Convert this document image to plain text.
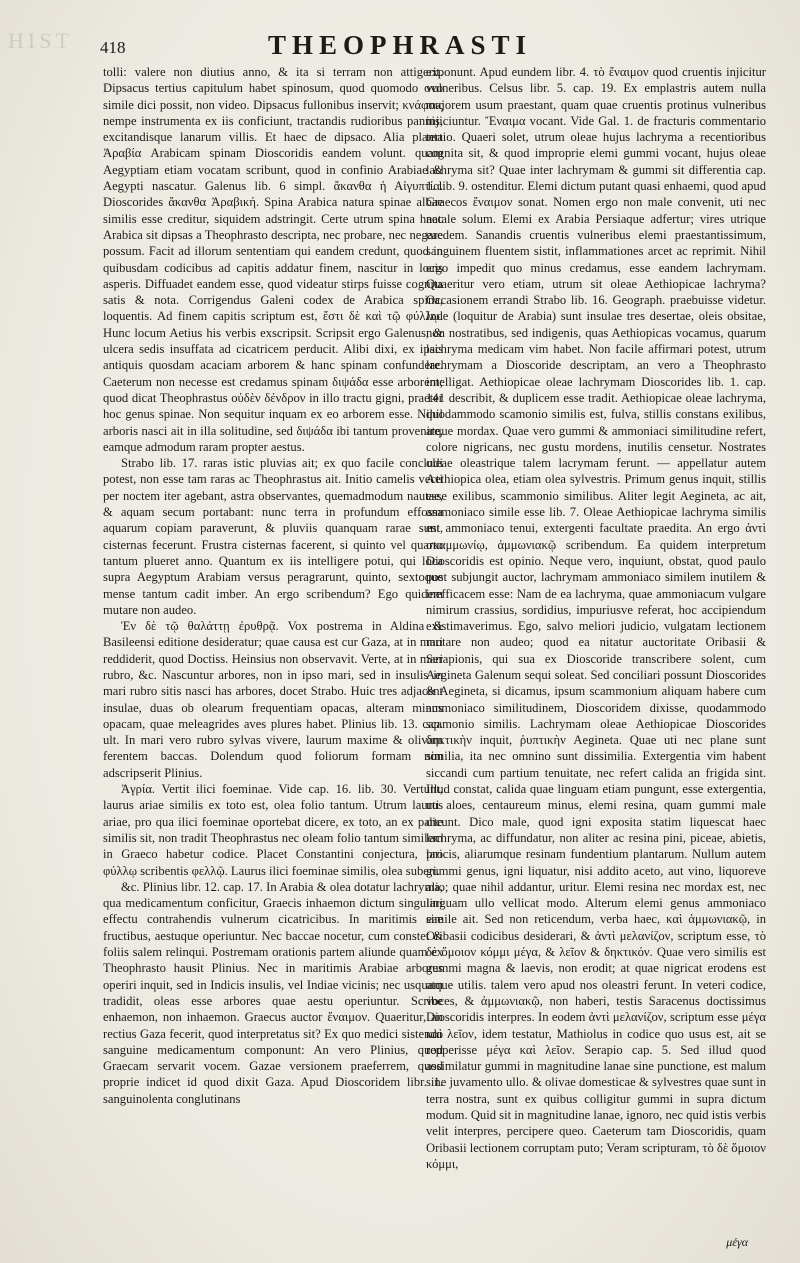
HIST	418	THEOPHRASTI

tolli: valere non diutius anno, & ita si terram non attigerit. Dipsacus tertius capitulum habet spinosum, quod quomodo ovo simile dici possit, non video. Dipsacus fullonibus inservit; κνάφοις nempe instrumenta ex iis conficiunt, tractandis rudioribus pannis, excitandisque lanarum villis. Et haec de dipsaco. Alia planta Ἀραβία Arabicam spinam Dioscoridis eandem volunt. quam Aegyptiam etiam vocatam scribunt, quod in confinio Arabiae & Aegypti nascatur. Galenus lib. 6 simpl. ἄκανθα ἡ Αἰγυπτία. Dioscorides ἄκανθα Ἀραβική. Spina Arabica natura spinae albae similis esse creditur, siquidem adstringit. Certe utrum spina haec Arabica sit dipsas a Theophrasto descripta, nec probare, nec negare possum. Facit ad illorum sententiam qui eandem credunt, quod in quibusdam codicibus ad capitis addatur finem, nascitur in locis asperis. Diffuadet eandem esse, quod videatur stirps fuisse cognita satis & nota. Corrigendus Galeni codex de Arabica spina, loquentis. Ad finem capitis scriptum est, ἔστι δὲ καὶ τῷ φύλλῳ. Hunc locum Aetius his verbis exscripsit. Scripsit ergo Galenus, & ulcera sedis insuffata ad cicatricem perducit. Alibi dixi, ex ipsis antiquis quosdam acaciam arborem & hanc spinam confundere. Caeterum non necesse est credamus spinam διψάδα esse arborem; quod dicat Theophrastus οὐδὲν δένδρον in illo tractu gigni, praeter hoc genus spinae. Non sequitur inquam ex eo arborem esse. Nihil arboris nasci ait in illa solitudine, sed διψάδα ibi tantum provenire, eamque admodum raram propter aestus.

Strabo lib. 17. raras istic pluvias ait; ex quo facile concludi potest, non esse tam raras ac Theophrastus ait. Initio camelis vecti per noctem iter agebant, astra observantes, quemadmodum nautae, & aquam secum portabant: nunc terra in profundum effossa aquarum copiam paraverunt, & pluviis quanquam rarae sunt, cisternas fecerunt. Frustra cisternas facerent, si quinto vel quarto tantum plueret anno. Quantum ex iis intelligere potui, qui loca supra Aegyptum Arabiam versus peragrarunt, quinto, sextoque mense tantum cadit imber. An ergo scribendum? Ego quidem mutare non audeo.

Ἐν δὲ τῷ θαλάττῃ ἐρυθρᾷ. Vox postrema in Aldina & Basileensi editione desideratur; quae causa est cur Gaza, at in mari reddiderit, quod Doctiss. Heinsius non observavit. Verte, at in mari rubro, &c. Nascuntur arbores, non in ipso mari, sed in insulis in mari rubro sitis nasci has arbores, docet Strabo. Huic tres adjacent insulae, duas ob olearum frequentiam opacas, alteram minus opacam, quae meleagrides aves plures habet. Plinius lib. 13. cap. ult. In mari vero rubro sylvas vivere, laurum maxime & olivam ferentem baccas. Dolendum quod foliorum formam non adscripserit Plinius.

Ἀγρία. Vertit ilici foeminae. Vide cap. 16. lib. 30. Vertunt, laurus ariae similis ex toto est, olea folio tantum. Utrum laurus ariae, pro qua ilici foeminae oportebat dicere, ex toto, an ex parte similis sit, non tradit Theophrastus nec oleam folio tantum similem in Graeco habetur codice. Placet Constantini conjectura, pro φύλλῳ scribentis φελλῷ. Laurus ilici foeminae similis, olea suberi.

&c. Plinius libr. 12. cap. 17. In Arabia & olea dotatur lachryma, qua medicamentum conficitur, Graecis inhaemon dictum singulari effectu contrahendis vulnerum cicatricibus. In maritimis eae fructibus, aestuque operiuntur. Nec baccae nocetur, cum constet & foliis salem relinqui. Postremam orationis partem aliunde quam ex Theophrasto hausit Plinius. Nec in maritimis Arabiae arbores operiri inquit, sed in Indicis insulis, vel Indiae vicinis; nec usquam tradidit, oleas esse arbores quae aestu operiuntur. Scribe enhaemon, non inhaemon. Graecus auctor ἔναιμον. Quaeritur, an rectius Gaza fecerit, quod interpretatus sit? Ex quo medici sistendo sanguine medicamentum componunt: An vero Plinius, quod Graecam servarit vocem. Gazae versionem praeferrem, quod proprie indicet id quod dixit Gaza. Apud Dioscoridem libr. 1. sanguinolenta conglutinans

exponunt. Apud eundem libr. 4. τὸ ἔναιμον quod cruentis injicitur vulneribus. Celsus libr. 5. cap. 19. Ex emplastris autem nulla majorem usum praestant, quam quae cruentis protinus vulneribus injiciuntur. Ἔναιμα vocant. Vide Gal. 1. de fracturis commentario tertio. Quaeri solet, utrum oleae hujus lachryma a recentioribus cognita sit, & quod improprie elemi gummi vocant, hujus oleae lachryma sit? Quae inter lachrymam & gummi sit differentia cap. 1. lib. 9. ostenditur. Elemi dictum putant quasi enhaemi, quod apud Graecos ἔναιμον sonat. Nomen ergo non male convenit, uti nec natale solum. Elemi ex Arabia Persiaque adfertur; vires utrique eaedem. Sanandis cruentis vulneribus elemi praestantissimum, sanguinem fluentem sistit, inflammationes arcet ac reprimit. Nihil ergo impedit quo minus credamus, esse eandem lachrymam. Quaeritur vero etiam, utrum sit oleae Aethiopicae lachryma? Occasionem errandi Strabo lib. 16. Geograph. praebuisse videtur. Inde (loquitur de Arabia) sunt insulae tres desertae, oleis obsitae, non nostratibus, sed indigenis, quas Aethiopicas vocamus, quarum lachryma medicam vim habet. Non facile affirmari potest, utrum lachrymam a Dioscoride descriptam, an vero a Theophrasto intelligat. Aethiopicae oleae lachrymam Dioscorides lib. 1. cap. 141 describit, & duplicem esse tradit. Aethiopicae oleae lachryma, quodammodo scamonio similis est, fulva, stillis constans exilibus, atque mordax. Quae vero gummi & ammoniaci similitudine refert, colore nigricans, nec gustu mordens, inutilis censetur. Nostrates oleae oleastrique talem lacrymam ferunt. — appellatur autem Aethiopica olea, etiam olea sylvestris. Primum genus inquit, stillis esse exilibus, scammonio similibus. Aliter legit Aegineta, ac ait, ammoniaco simile esse lib. 7. Oleae Aethiopicae lachryma similis est ammoniaco tenui, extergenti facultate praedita. An ergo ἀντὶ σκαμμωνίῳ, ἀμμωνιακῷ scribendum. Ea quidem interpretum Dioscoridis est opinio. Neque vero, inquiunt, obstat, quod paulo post subjungit auctor, lachrymam ammoniaco similem inutilem & inefficacem esse: Nam de ea lachryma, quae ammoniacum vulgare nimirum crassius, sordidius, impuriusve referat, hoc accipiendum existimaverimus. Ego, salvo meliori judicio, vulgatam lectionem mutare non audeo; quod ea nitatur auctoritate Oribasii & Serapionis, qui sua ex Dioscoride transcribere solent, cum Aegineta Galenum sequi soleat. Sed conciliari possunt Dioscorides & Aegineta, si dicamus, ipsum scammonium aliquam habere cum ammoniaco similitudinem, Dioscoridem dixisse, quodammodo scamonio similis. Lachrymam oleae Aethiopicae Dioscorides δηκτικὴν inquit, ῥυπτικὴν Aegineta. Quae uti nec plane sunt similia, ita nec omnino sunt dissimilia. Extergentia vim habent siccandi cum partium tenuitate, nec refert calida an frigida sint. Illud constat, calida quae linguam etiam pungunt, esse extergentia, uti aloes, centaureum minus, elemi resina, quam gummi male dicunt. Dico male, quod igni exposita statim liquescat haec lachryma, ac diffundatur, non aliter ac resina pini, piceae, abietis, laricis, aliarumque resinam fundentium plantarum. Nullum autem gummi genus, igni liquatur, nisi addito aceto, aut vino, liquoreve alio; quae nihil addantur, uritur. Elemi resina nec mordax est, nec linguam ullo vellicat modo. Alterum elemi genus ammoniaco simile ait. Sed non reticendum, verba haec, καὶ ἀμμωνιακῷ, in Oribasii codicibus desiderari, & ἀντὶ μελανίζον, scriptum esse, τὸ δὲ ὅμοιον κόμμι μέγα, & λεῖον & δηκτικόν. Quae vero similis est gummi magna & laevis, non erodit; at quae nigricat erodens est atque utilis. talem vero apud nos oleastri ferunt. In veteri codice, voces, & ἀμμωνιακῷ, non haberi, testis Saracenus doctissimus Dioscoridis interpres. In eodem ἀντὶ μελανίζον, scriptum esse μέγα καὶ λεῖον, idem testatur, Mathiolus in codice quo usus est, ait se repperisse μέγα καὶ λεῖον. Serapio cap. 5. Sed illud quod assimilatur gummi in magnitudine lanae sine punctione, est malum sine juvamento ullo. & olivae domesticae & sylvestres quae sunt in terra nostra, sunt ex quibus colligitur gummi in supra dictum modum. Quid sit in magnitudine lanae, ignoro, nec quid istis verbis velit interpres, percipere queo. Caeterum tam Dioscoridis, quam Oribasii lectionem corruptam puto; Veram scripturam, τὸ δὲ ὅμοιον κόμμι,

μέγα
